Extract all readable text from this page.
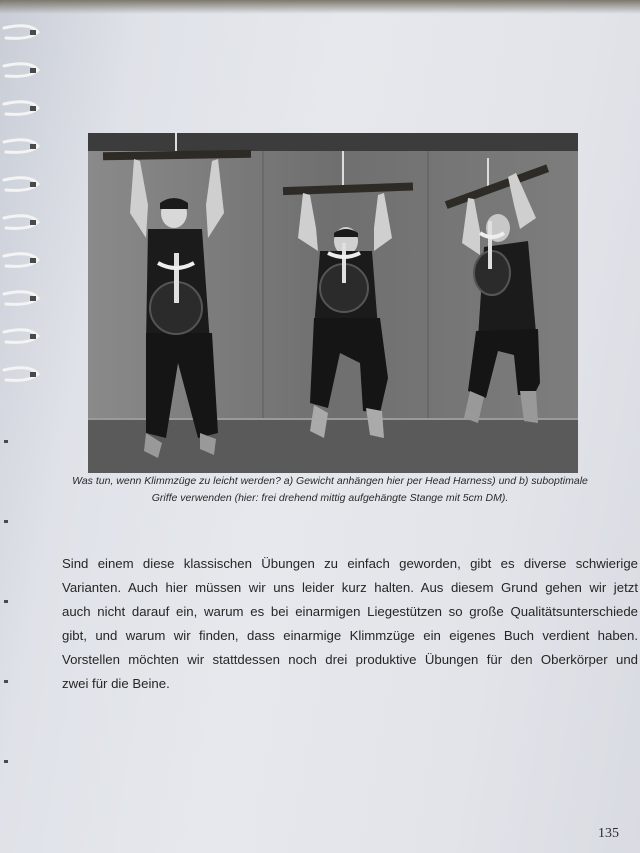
Was tun, wenn Klimmzüge zu leicht werden? a) Gewicht anhängen hier per Head Harness) und b) suboptimale
Griffe verwenden (hier: frei drehend mittig aufgehängte Stange mit 5cm DM).
Sind einem diese klassischen Übungen zu einfach geworden, gibt es diverse schwierige
Varianten. Auch hier müssen wir uns leider kurz halten. Aus diesem Grund gehen wir jetzt
auch nicht darauf ein, warum es bei einarmigen Liegestützen so große Qualitätsunterschiede
gibt, und warum wir finden, dass einarmige Klimmzüge ein eigenes Buch verdient haben.
Vorstellen möchten wir stattdessen noch drei produktive Übungen für den Oberkörper und
zwei für die Beine.
135
